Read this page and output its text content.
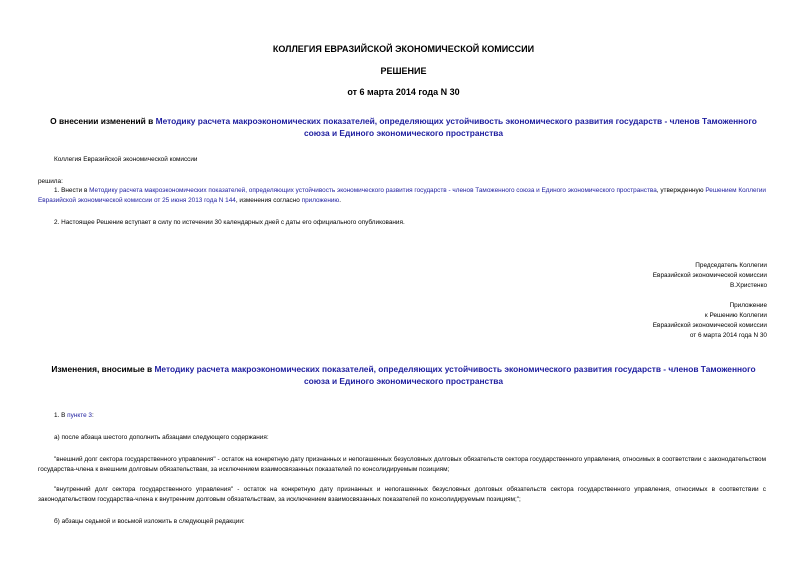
КОЛЛЕГИЯ ЕВРАЗИЙСКОЙ ЭКОНОМИЧЕСКОЙ КОМИССИИ
РЕШЕНИЕ
от 6 марта 2014 года N 30
О внесении изменений в Методику расчета макроэкономических показателей, определяющих устойчивость экономического развития государств - членов Таможенного союза и Единого экономического пространства
Коллегия Евразийской экономической комиссии
решила:
1. Внести в Методику расчета макроэкономических показателей, определяющих устойчивость экономического развития государств - членов Таможенного союза и Единого экономического пространства, утвержденную Решением Коллегии Евразийской экономической комиссии от 25 июня 2013 года N 144, изменения согласно приложению.
2. Настоящее Решение вступает в силу по истечении 30 календарных дней с даты его официального опубликования.
Председатель Коллегии
Евразийской экономической комиссии
В.Христенко
Приложение
к Решению Коллегии
Евразийской экономической комиссии
от 6 марта 2014 года N 30
Изменения, вносимые в Методику расчета макроэкономических показателей, определяющих устойчивость экономического развития государств - членов Таможенного союза и Единого экономического пространства
1. В пункте 3:
а) после абзаца шестого дополнить абзацами следующего содержания:
"внешний долг сектора государственного управления" - остаток на конкретную дату признанных и непогашенных безусловных долговых обязательств сектора государственного управления, относимых в соответствии с законодательством государства-члена к внешним долговым обязательствам, за исключением взаимосвязанных показателей по консолидируемым позициям;
"внутренний долг сектора государственного управления" - остаток на конкретную дату признанных и непогашенных безусловных долговых обязательств сектора государственного управления, относимых в соответствии с законодательством государства-члена к внутренним долговым обязательствам, за исключением взаимосвязанных показателей по консолидируемым позициям;";
б) абзацы седьмой и восьмой изложить в следующей редакции:
